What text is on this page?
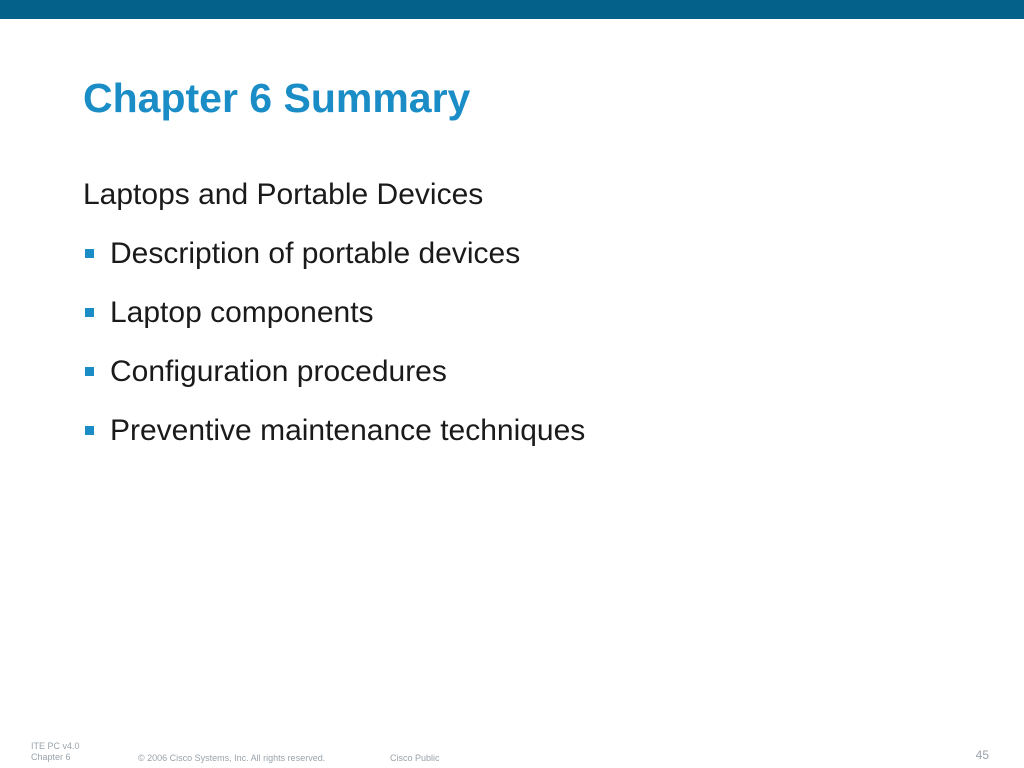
Chapter 6 Summary

Laptops and Portable Devices

Description of portable devices
Laptop components
Configuration procedures
Preventive maintenance techniques
ITE PC v4.0
Chapter 6	© 2006 Cisco Systems, Inc. All rights reserved.	Cisco Public	45
